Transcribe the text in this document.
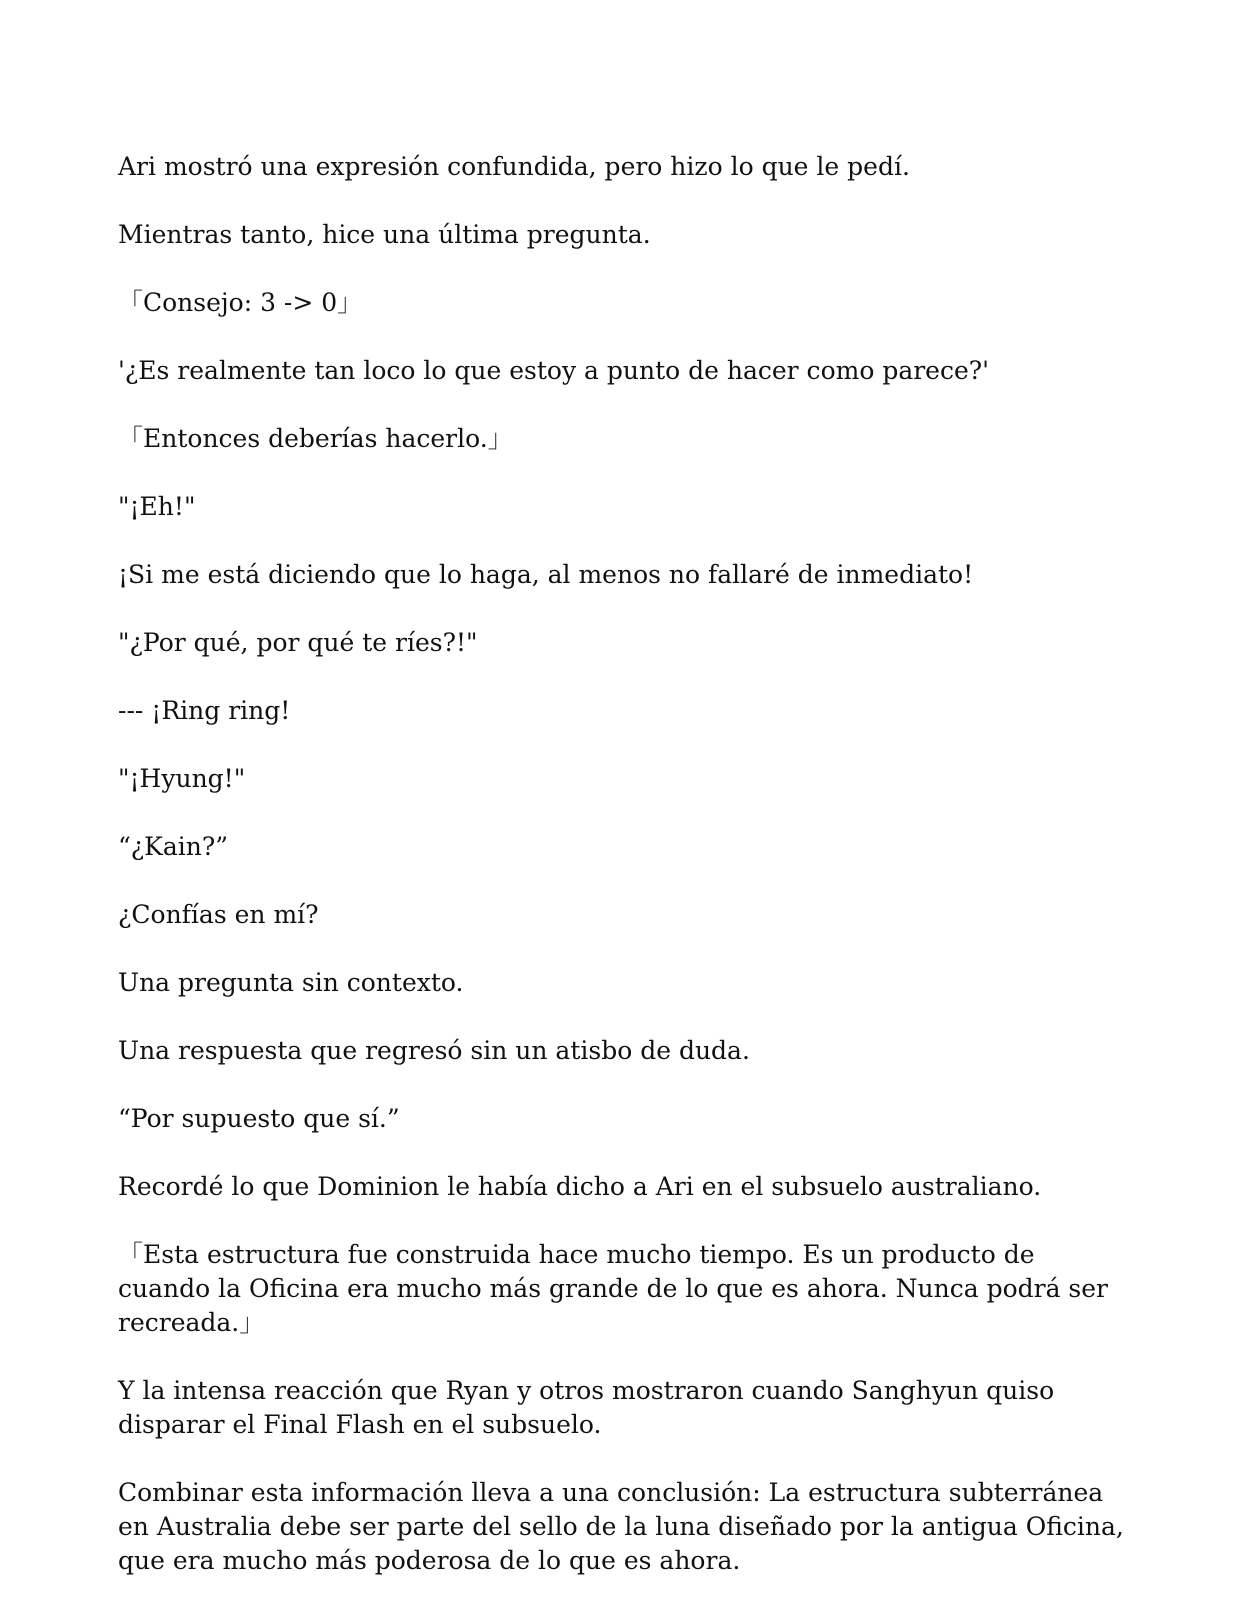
Ari mostró una expresión confundida, pero hizo lo que le pedí.

Mientras tanto, hice una última pregunta.

「Consejo: 3 -> 0」

'¿Es realmente tan loco lo que estoy a punto de hacer como parece?'

「Entonces deberías hacerlo.」

"¡Eh!"

¡Si me está diciendo que lo haga, al menos no fallaré de inmediato!

"¿Por qué, por qué te ríes?!"

--- ¡Ring ring!

"¡Hyung!"

“¿Kain?”

¿Confías en mí?

Una pregunta sin contexto.

Una respuesta que regresó sin un atisbo de duda.

“Por supuesto que sí.”

Recordé lo que Dominion le había dicho a Ari en el subsuelo australiano.

「Esta estructura fue construida hace mucho tiempo. Es un producto de cuando la Oficina era mucho más grande de lo que es ahora. Nunca podrá ser recreada.」

Y la intensa reacción que Ryan y otros mostraron cuando Sanghyun quiso disparar el Final Flash en el subsuelo.

Combinar esta información lleva a una conclusión: La estructura subterránea en Australia debe ser parte del sello de la luna diseñado por la antigua Oficina, que era mucho más poderosa de lo que es ahora.
